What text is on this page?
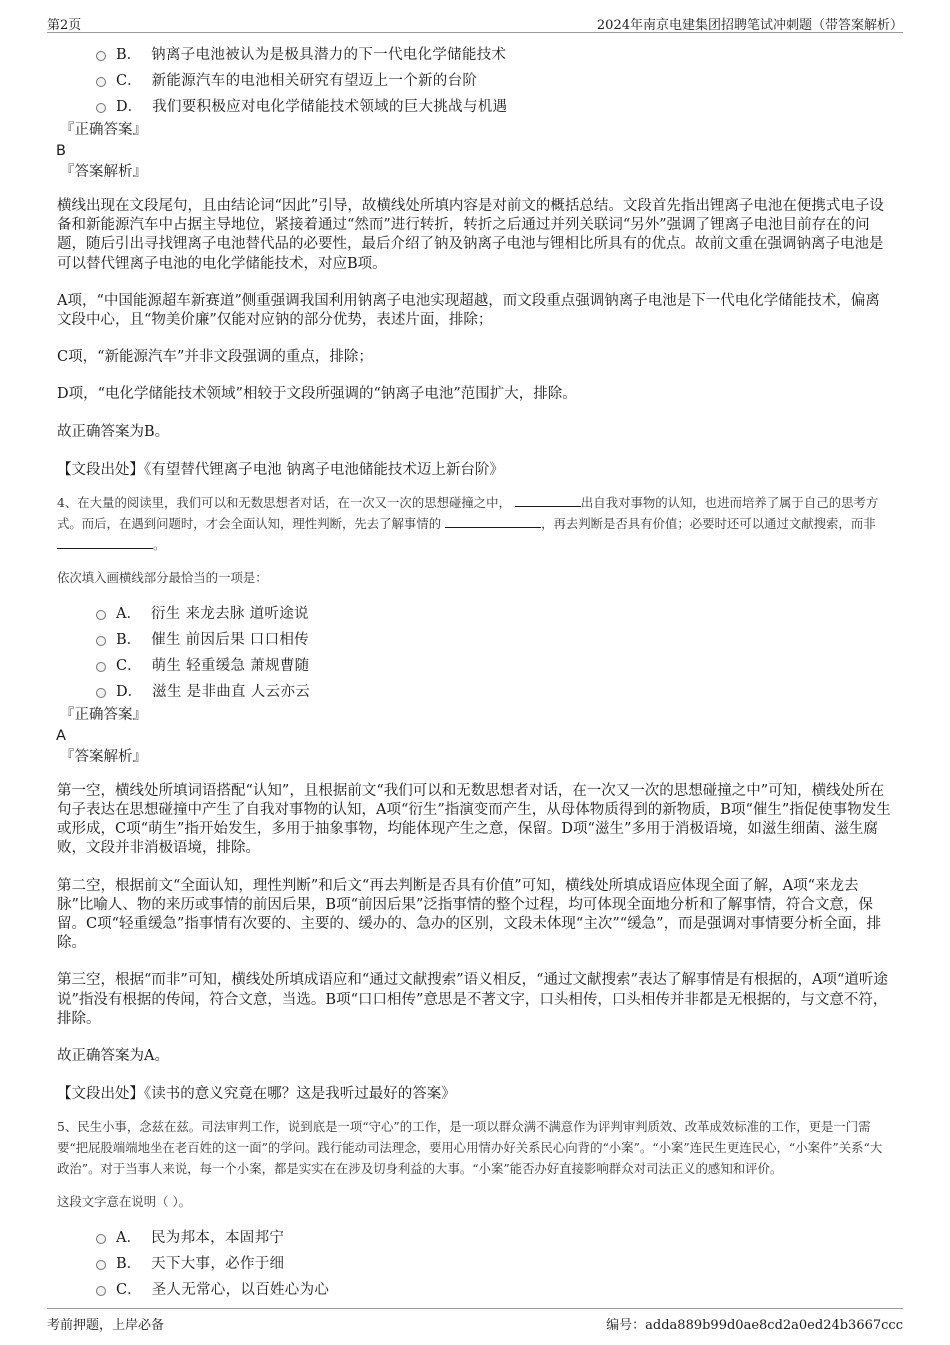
第2页	2024年南京电建集团招聘笔试冲刺题（带答案解析）
B． 钠离子电池被认为是极具潜力的下一代电化学储能技术
C． 新能源汽车的电池相关研究有望迈上一个新的台阶
D． 我们要积极应对电化学储能技术领域的巨大挑战与机遇
『正确答案』
B
『答案解析』

横线出现在文段尾句，且由结论词“因此”引导，故横线处所填内容是对前文的概括总结。文段首先指出锂离子电池在便携式电子设备和新能源汽车中占据主导地位，紧接着通过“然而”进行转折，转折之后通过并列关联词“另外”强调了锂离子电池目前存在的问题，随后引出寻找锂离子电池替代品的必要性，最后介绍了钠及钠离子电池与锂相比所具有的优点。故前文重在强调钠离子电池是可以替代锂离子电池的电化学储能技术，对应B项。

A项，“中国能源超车新赛道”侧重强调我国利用钠离子电池实现超越，而文段重点强调钠离子电池是下一代电化学储能技术，偏离文段中心，且“物美价廉”仅能对应钠的部分优势，表述片面，排除；

C项，“新能源汽车”并非文段强调的重点，排除；

D项，“电化学储能技术领域”相较于文段所强调的“钠离子电池”范围扩大，排除。

故正确答案为B。

【文段出处】《有望替代锂离子电池 钠离子电池储能技术迈上新台阶》

4、在大量的阅读里，我们可以和无数思想者对话，在一次又一次的思想碰撞之中，	出自我对事物的认知，也进而培养了属于自己的思考方式。而后，在遇到问题时，才会全面认知，理性判断，先去了解事情的	，再去判断是否具有价值；必要时还可以通过文献搜索，而非 。
依次填入画横线部分最恰当的一项是：
A． 衍生 来龙去脉 道听途说
B． 催生 前因后果 口口相传
C． 萌生 轻重缓急 萧规曹随
D． 滋生 是非曲直 人云亦云
『正确答案』
A
『答案解析』

第一空，横线处所填词语搭配“认知”，且根据前文“我们可以和无数思想者对话，在一次又一次的思想碰撞之中”可知，横线处所在句子表达在思想碰撞中产生了自我对事物的认知，A项“衍生”指演变而产生，从母体物质得到的新物质，B项“催生”指促使事物发生或形成，C项“萌生”指开始发生，多用于抽象事物，均能体现产生之意，保留。D项“滋生”多用于消极语境，如滋生细菌、滋生腐败，文段并非消极语境，排除。

第二空，根据前文“全面认知，理性判断”和后文“再去判断是否具有价值”可知，横线处所填成语应体现全面了解，A项“来龙去脉”比喻人、物的来历或事情的前因后果，B项“前因后果”泛指事情的整个过程，均可体现全面地分析和了解事情，符合文意，保留。C项“轻重缓急”指事情有次要的、主要的、缓办的、急办的区别，文段未体现“主次”“缓急”，而是强调对事情要分析全面，排除。

第三空，根据“而非”可知，横线处所填成语应和“通过文献搜索”语义相反，“通过文献搜索”表达了解事情是有根据的，A项“道听途说”指没有根据的传闻，符合文意，当选。B项“口口相传”意思是不著文字，口头相传，口头相传并非都是无根据的，与文意不符，排除。

故正确答案为A。

【文段出处】《读书的意义究竟在哪？这是我听过最好的答案》

5、民生小事，念兹在兹。司法审判工作，说到底是一项“守心”的工作，是一项以群众满不满意作为评判审判质效、改革成效标准的工作，更是一门需要“把屁股端端地坐在老百姓的这一面”的学问。践行能动司法理念，要用心用情办好关系民心向背的“小案”。“小案”连民生更连民心，“小案件”关系“大政治”。对于当事人来说，每一个小案，都是实实在在涉及切身利益的大事。“小案”能否办好直接影响群众对司法正义的感知和评价。
这段文字意在说明（ ）。
A． 民为邦本，本固邦宁
B． 天下大事，必作于细
C． 圣人无常心，以百姓心为心
考前押题，上岸必备	编号：adda889b99d0ae8cd2a0ed24b3667ccc
